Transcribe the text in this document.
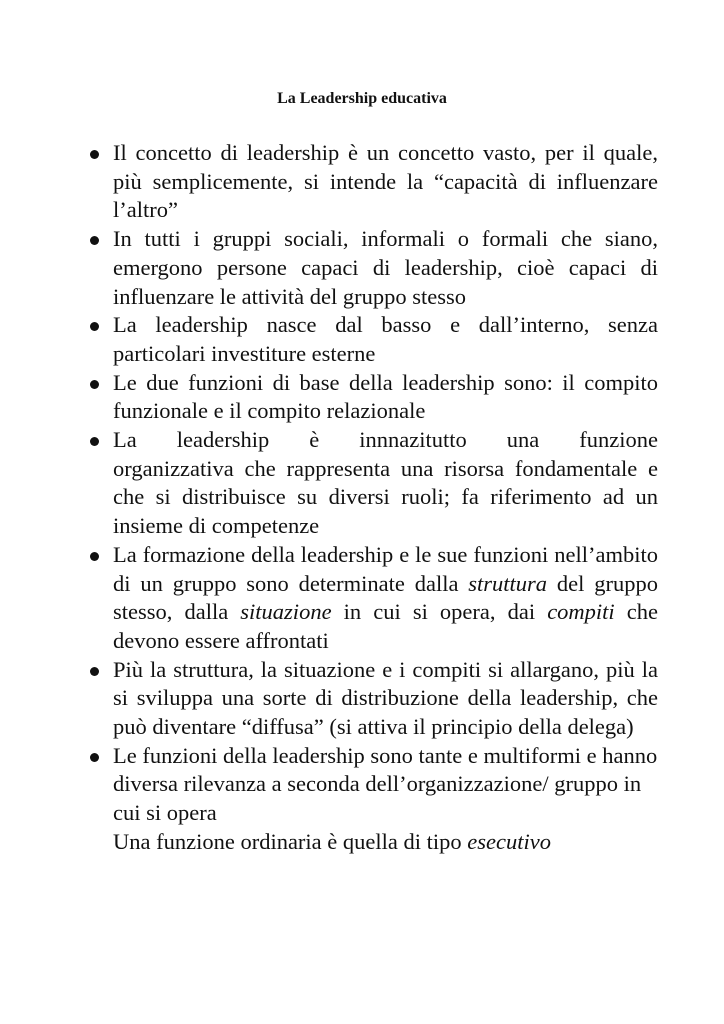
La Leadership educativa
Il concetto di leadership è un concetto vasto, per il quale, più semplicemente, si intende la “capacità di influenzare l’altro”
In tutti i gruppi sociali, informali o formali che siano, emergono persone capaci di leadership, cioè capaci di influenzare le attività del gruppo stesso
La leadership nasce dal basso e dall’interno, senza particolari investiture esterne
Le due funzioni di base della leadership sono: il compito funzionale e il compito relazionale
La leadership è innnazitutto una funzione
organizzativa che rappresenta una risorsa fondamentale e che si distribuisce su diversi ruoli; fa riferimento ad un insieme di competenze
La formazione della leadership e le sue funzioni nell’ambito di un gruppo sono determinate dalla struttura del gruppo stesso, dalla situazione in cui si opera, dai compiti che devono essere affrontati
Più la struttura, la situazione e i compiti si allargano, più la si sviluppa una sorte di distribuzione della leadership, che può diventare “diffusa” (si attiva il principio della delega)
Le funzioni della leadership sono tante e multiformi e hanno diversa rilevanza a seconda dell’organizzazione/ gruppo in cui si opera
Una funzione ordinaria è quella di tipo esecutivo
